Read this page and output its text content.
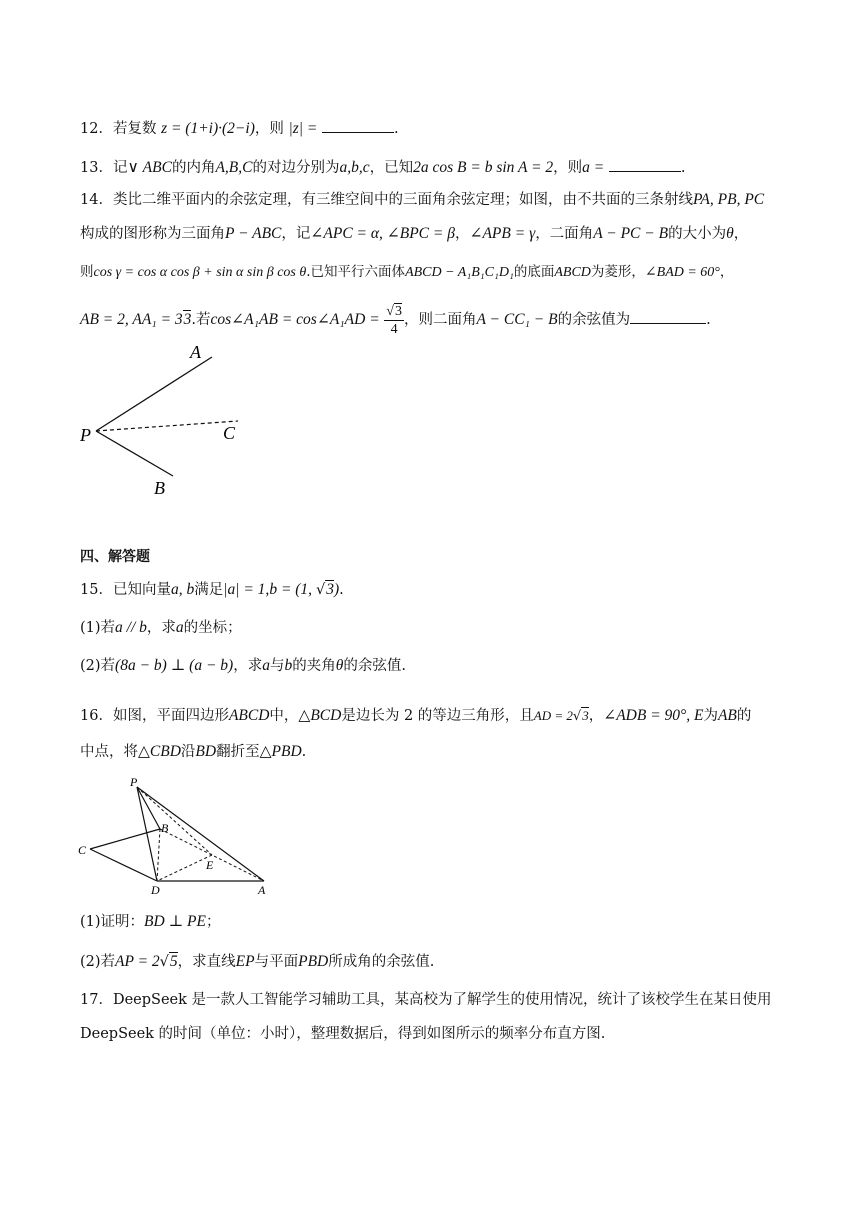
12．若复数 z = (1+i)·(2−i)，则 |z| =	.
13．记∨ ABC的内角A,B,C的对边分别为a,b,c，已知2a cos B = b sin A = 2，则a =	.
14．类比二维平面内的余弦定理，有三维空间中的三面角余弦定理；如图，由不共面的三条射线PA, PB, PC
构成的图形称为三面角P − ABC，记∠APC = α, ∠BPC = β，∠APB = γ，二面角A − PC − B的大小为θ，
则cos γ = cos α cos β + sin α sin β cos θ.已知平行六面体ABCD − A₁B₁C₁D₁的底面ABCD为菱形，∠BAD = 60°，
AB = 2, AA₁ = 33.若cos∠A₁AB = cos∠A₁AD = $\frac{√3}{4}$ ，则二面角A − CC₁ − B的余弦值为	.
A
C
P
B
四、解答题
15．已知向量a, b满足|a| = 1,b = (1, √3).
(1)若a // b，求a的坐标；
(2)若(8a − b) ⊥ (a − b)，求a与b的夹角θ的余弦值.
16．如图，平面四边形ABCD中，△BCD是边长为 2 的等边三角形，且AD = 2√3，∠ADB = 90°, E为AB的
中点，将△CBD沿BD翻折至△PBD.
P
B
C
E
D	A
(1)证明：BD ⊥ PE；
(2)若AP = 2√5，求直线EP与平面PBD所成角的余弦值.
17．DeepSeek 是一款人工智能学习辅助工具，某高校为了解学生的使用情况，统计了该校学生在某日使用
DeepSeek 的时间（单位：小时），整理数据后，得到如图所示的频率分布直方图.
